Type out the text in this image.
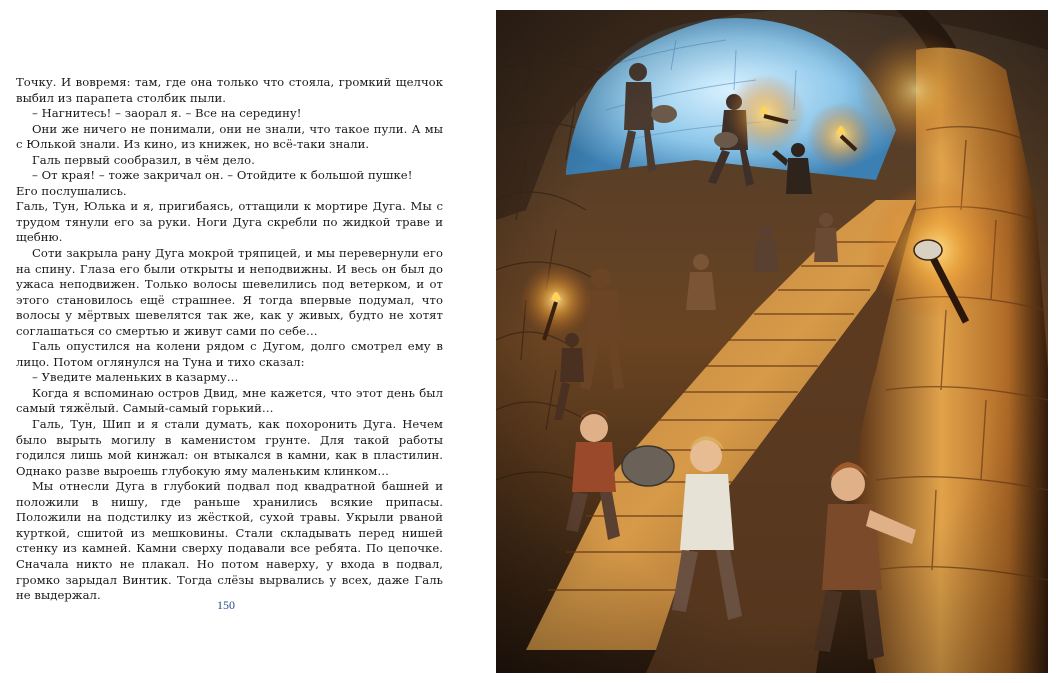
Точку. И вовремя: там, где она только что стояла, громкий щелчок выбил из парапета столбик пыли.

– Нагнитесь! – заорал я. – Все на середину!

Они же ничего не понимали, они не знали, что такое пули. А мы с Юлькой знали. Из кино, из книжек, но всё-таки знали.

Галь первый сообразил, в чём дело.

– От края! – тоже закричал он. – Отойдите к большой пушке!

Его послушались.

Галь, Тун, Юлька и я, пригибаясь, оттащили к мортире Дуга. Мы с трудом тянули его за руки. Ноги Дуга скребли по жидкой траве и щебню.

Соти закрыла рану Дуга мокрой тряпицей, и мы перевернули его на спину. Глаза его были открыты и неподвижны. И весь он был до ужаса неподвижен. Только волосы шевелились под ветерком, и от этого становилось ещё страшнее. Я тогда впервые подумал, что волосы у мёртвых шевелятся так же, как у живых, будто не хотят соглашаться со смертью и живут сами по себе…

Галь опустился на колени рядом с Дугом, долго смотрел ему в лицо. Потом оглянулся на Туна и тихо сказал:

– Уведите маленьких в казарму…

Когда я вспоминаю остров Двид, мне кажется, что этот день был самый тяжёлый. Самый-самый горький…

Галь, Тун, Шип и я стали думать, как похоронить Дуга. Нечем было вырыть могилу в каменистом грунте. Для такой работы годился лишь мой кинжал: он втыкался в камни, как в пластилин. Однако разве выроешь глубокую яму маленьким клинком…

Мы отнесли Дуга в глубокий подвал под квадратной башней и положили в нишу, где раньше хранились всякие припасы. Положили на подстилку из жёсткой, сухой травы. Укрыли рваной курткой, сшитой из мешковины. Стали складывать перед нишей стенку из камней. Камни сверху подавали все ребята. По цепочке. Сначала никто не плакал. Но потом наверху, у входа в подвал, громко зарыдал Винтик. Тогда слёзы вырвались у всех, даже Галь не выдержал.

150
